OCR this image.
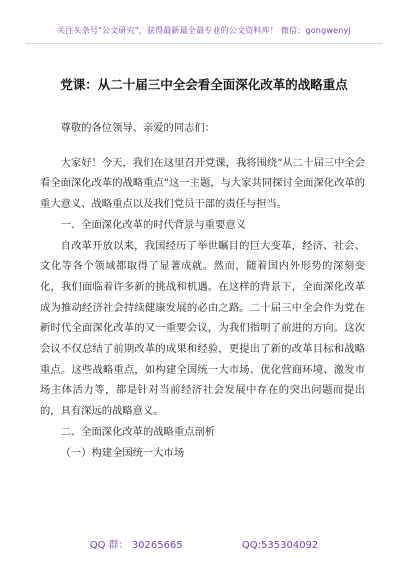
关注头条号"公文研究"，获得最新最全最专业的公文资料库！ 微信：gongwenyj
党课：从二十届三中全会看全面深化改革的战略重点

尊敬的各位领导、亲爱的同志们：

大家好！今天，我们在这里召开党课，我将围绕“从二十届三中全会看全面深化改革的战略重点”这一主题，与大家共同探讨全面深化改革的重大意义、战略重点以及我们党员干部的责任与担当。

一、全面深化改革的时代背景与重要意义

自改革开放以来，我国经历了举世瞩目的巨大变革，经济、社会、文化等各个领域都取得了显著成就。然而，随着国内外形势的深刻变化，我们面临着许多新的挑战和机遇。在这样的背景下，全面深化改革成为推动经济社会持续健康发展的必由之路。二十届三中全会作为党在新时代全面深化改革的又一重要会议，为我们指明了前进的方向。这次会议不仅总结了前期改革的成果和经验，更提出了新的改革目标和战略重点。这些战略重点，如构建全国统一大市场、优化营商环境、激发市场主体活力等，都是针对当前经济社会发展中存在的突出问题而提出的，具有深远的战略意义。

二、全面深化改革的战略重点剖析

（一）构建全国统一大市场

QQ 群： 30265665	QQ:535304092
